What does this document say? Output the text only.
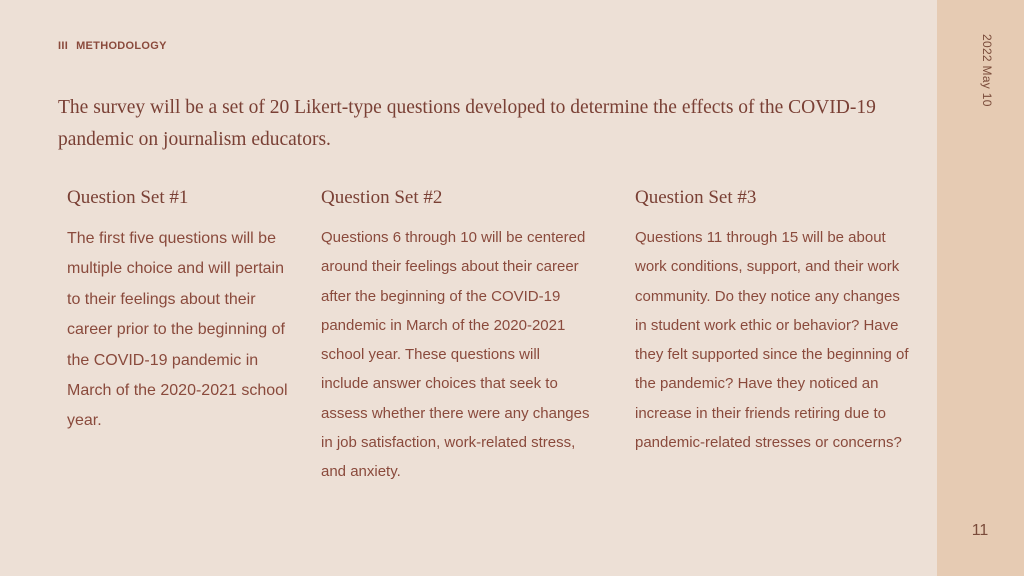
2022 May 10
11
III METHODOLOGY
The survey will be a set of 20 Likert-type questions developed to determine the effects of the COVID-19 pandemic on journalism educators.
Question Set #1

The first five questions will be multiple choice and will pertain to their feelings about their career prior to the beginning of the COVID-19 pandemic in March of the 2020-2021 school year.

Question Set #2

Questions 6 through 10 will be centered around their feelings about their career after the beginning of the COVID-19 pandemic in March of the 2020-2021 school year. These questions will include answer choices that seek to assess whether there were any changes in job satisfaction, work-related stress, and anxiety.

Question Set #3

Questions 11 through 15 will be about work conditions, support, and their work community. Do they notice any changes in student work ethic or behavior? Have they felt supported since the beginning of the pandemic? Have they noticed an increase in their friends retiring due to pandemic-related stresses or concerns?
